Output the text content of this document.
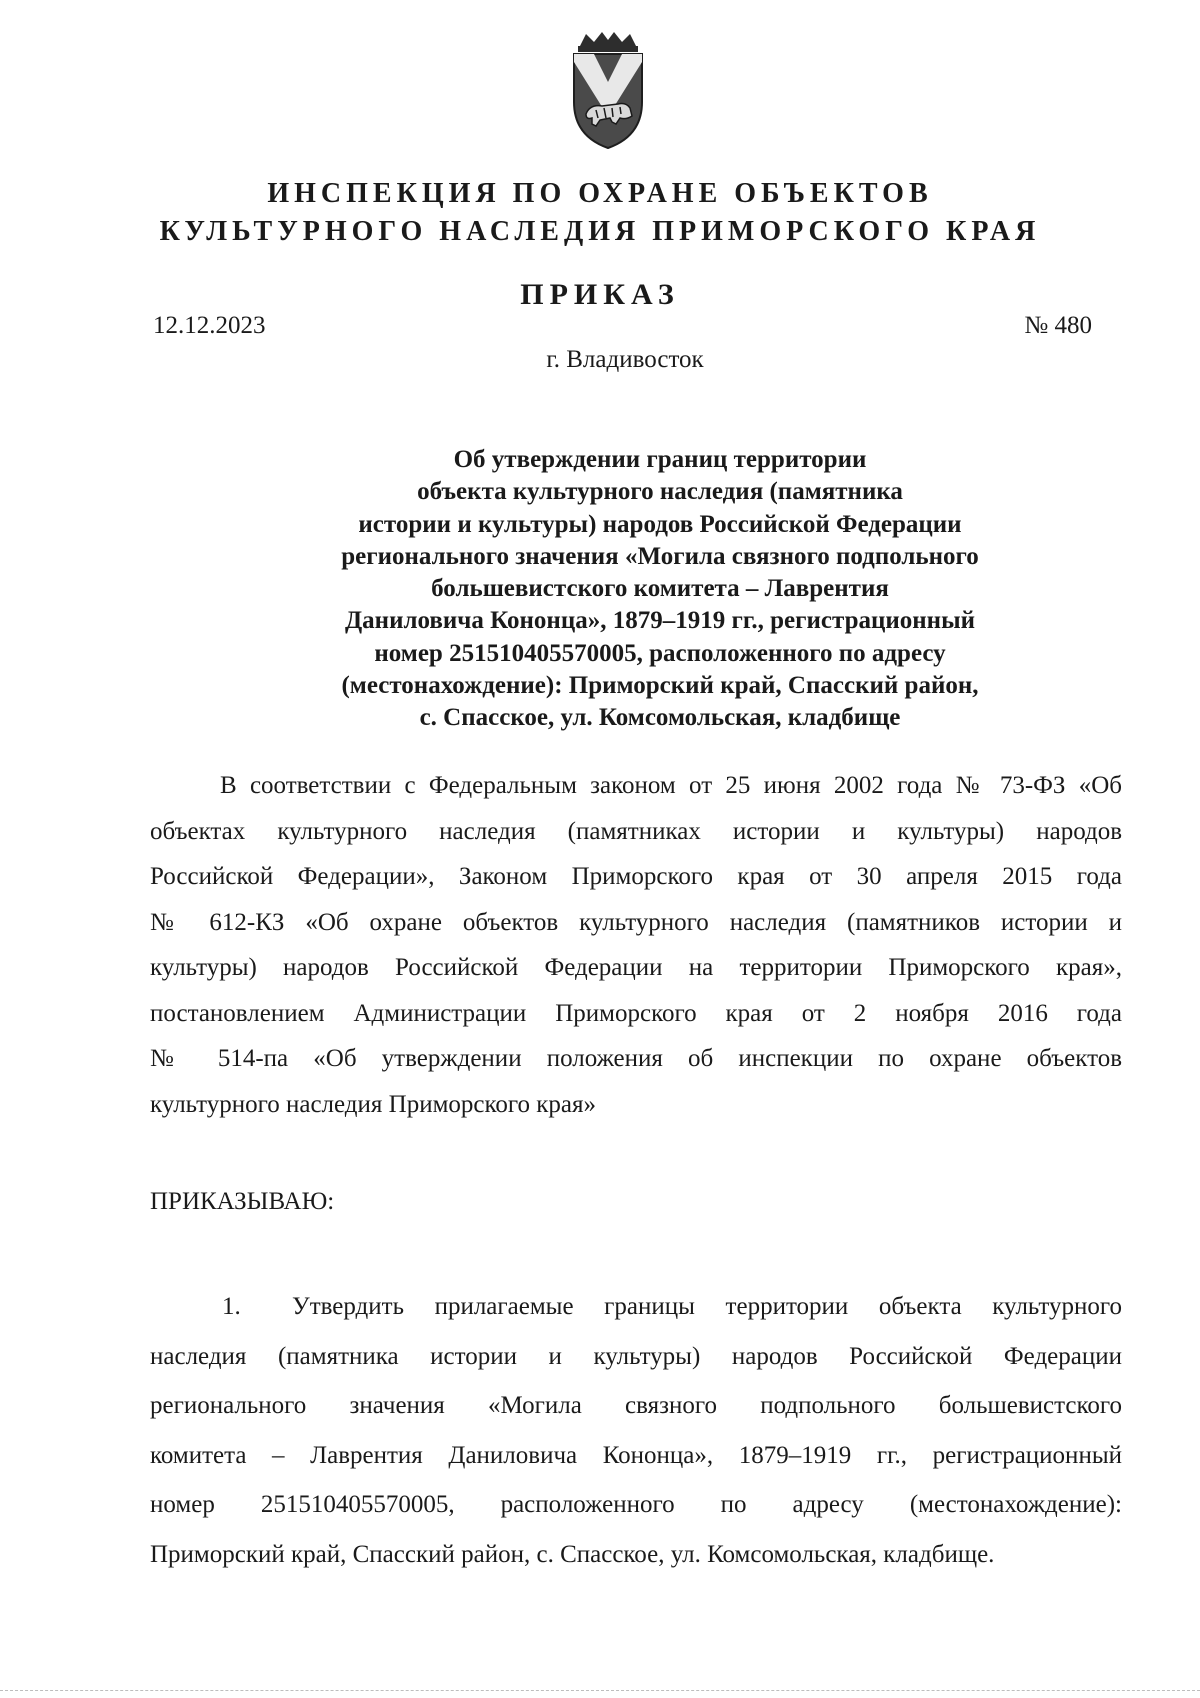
ИНСПЕКЦИЯ ПО ОХРАНЕ ОБЪЕКТОВ
КУЛЬТУРНОГО НАСЛЕДИЯ ПРИМОРСКОГО КРАЯ
ПРИКАЗ
12.12.2023	№ 480
г. Владивосток
Об утверждении границ территории
объекта культурного наследия (памятника
истории и культуры) народов Российской Федерации
регионального значения «Могила связного подпольного
большевистского комитета – Лаврентия
Даниловича Кононца», 1879–1919 гг., регистрационный
номер 251510405570005, расположенного по адресу
(местонахождение): Приморский край, Спасский район,
с. Спасское, ул. Комсомольская, кладбище
В соответствии с Федеральным законом от 25 июня 2002 года № 73-ФЗ «Об
объектах культурного наследия (памятниках истории и культуры) народов
Российской Федерации», Законом Приморского края от 30 апреля 2015 года
№ 612-КЗ «Об охране объектов культурного наследия (памятников истории и
культуры) народов Российской Федерации на территории Приморского края»,
постановлением Администрации Приморского края от 2 ноября 2016 года
№ 514-па «Об утверждении положения об инспекции по охране объектов
культурного наследия Приморского края»
ПРИКАЗЫВАЮ:
1. Утвердить прилагаемые границы территории объекта культурного
наследия (памятника истории и культуры) народов Российской Федерации
регионального значения «Могила связного подпольного большевистского
комитета – Лаврентия Даниловича Кононца», 1879–1919 гг., регистрационный
номер 251510405570005, расположенного по адресу (местонахождение):
Приморский край, Спасский район, с. Спасское, ул. Комсомольская, кладбище.
